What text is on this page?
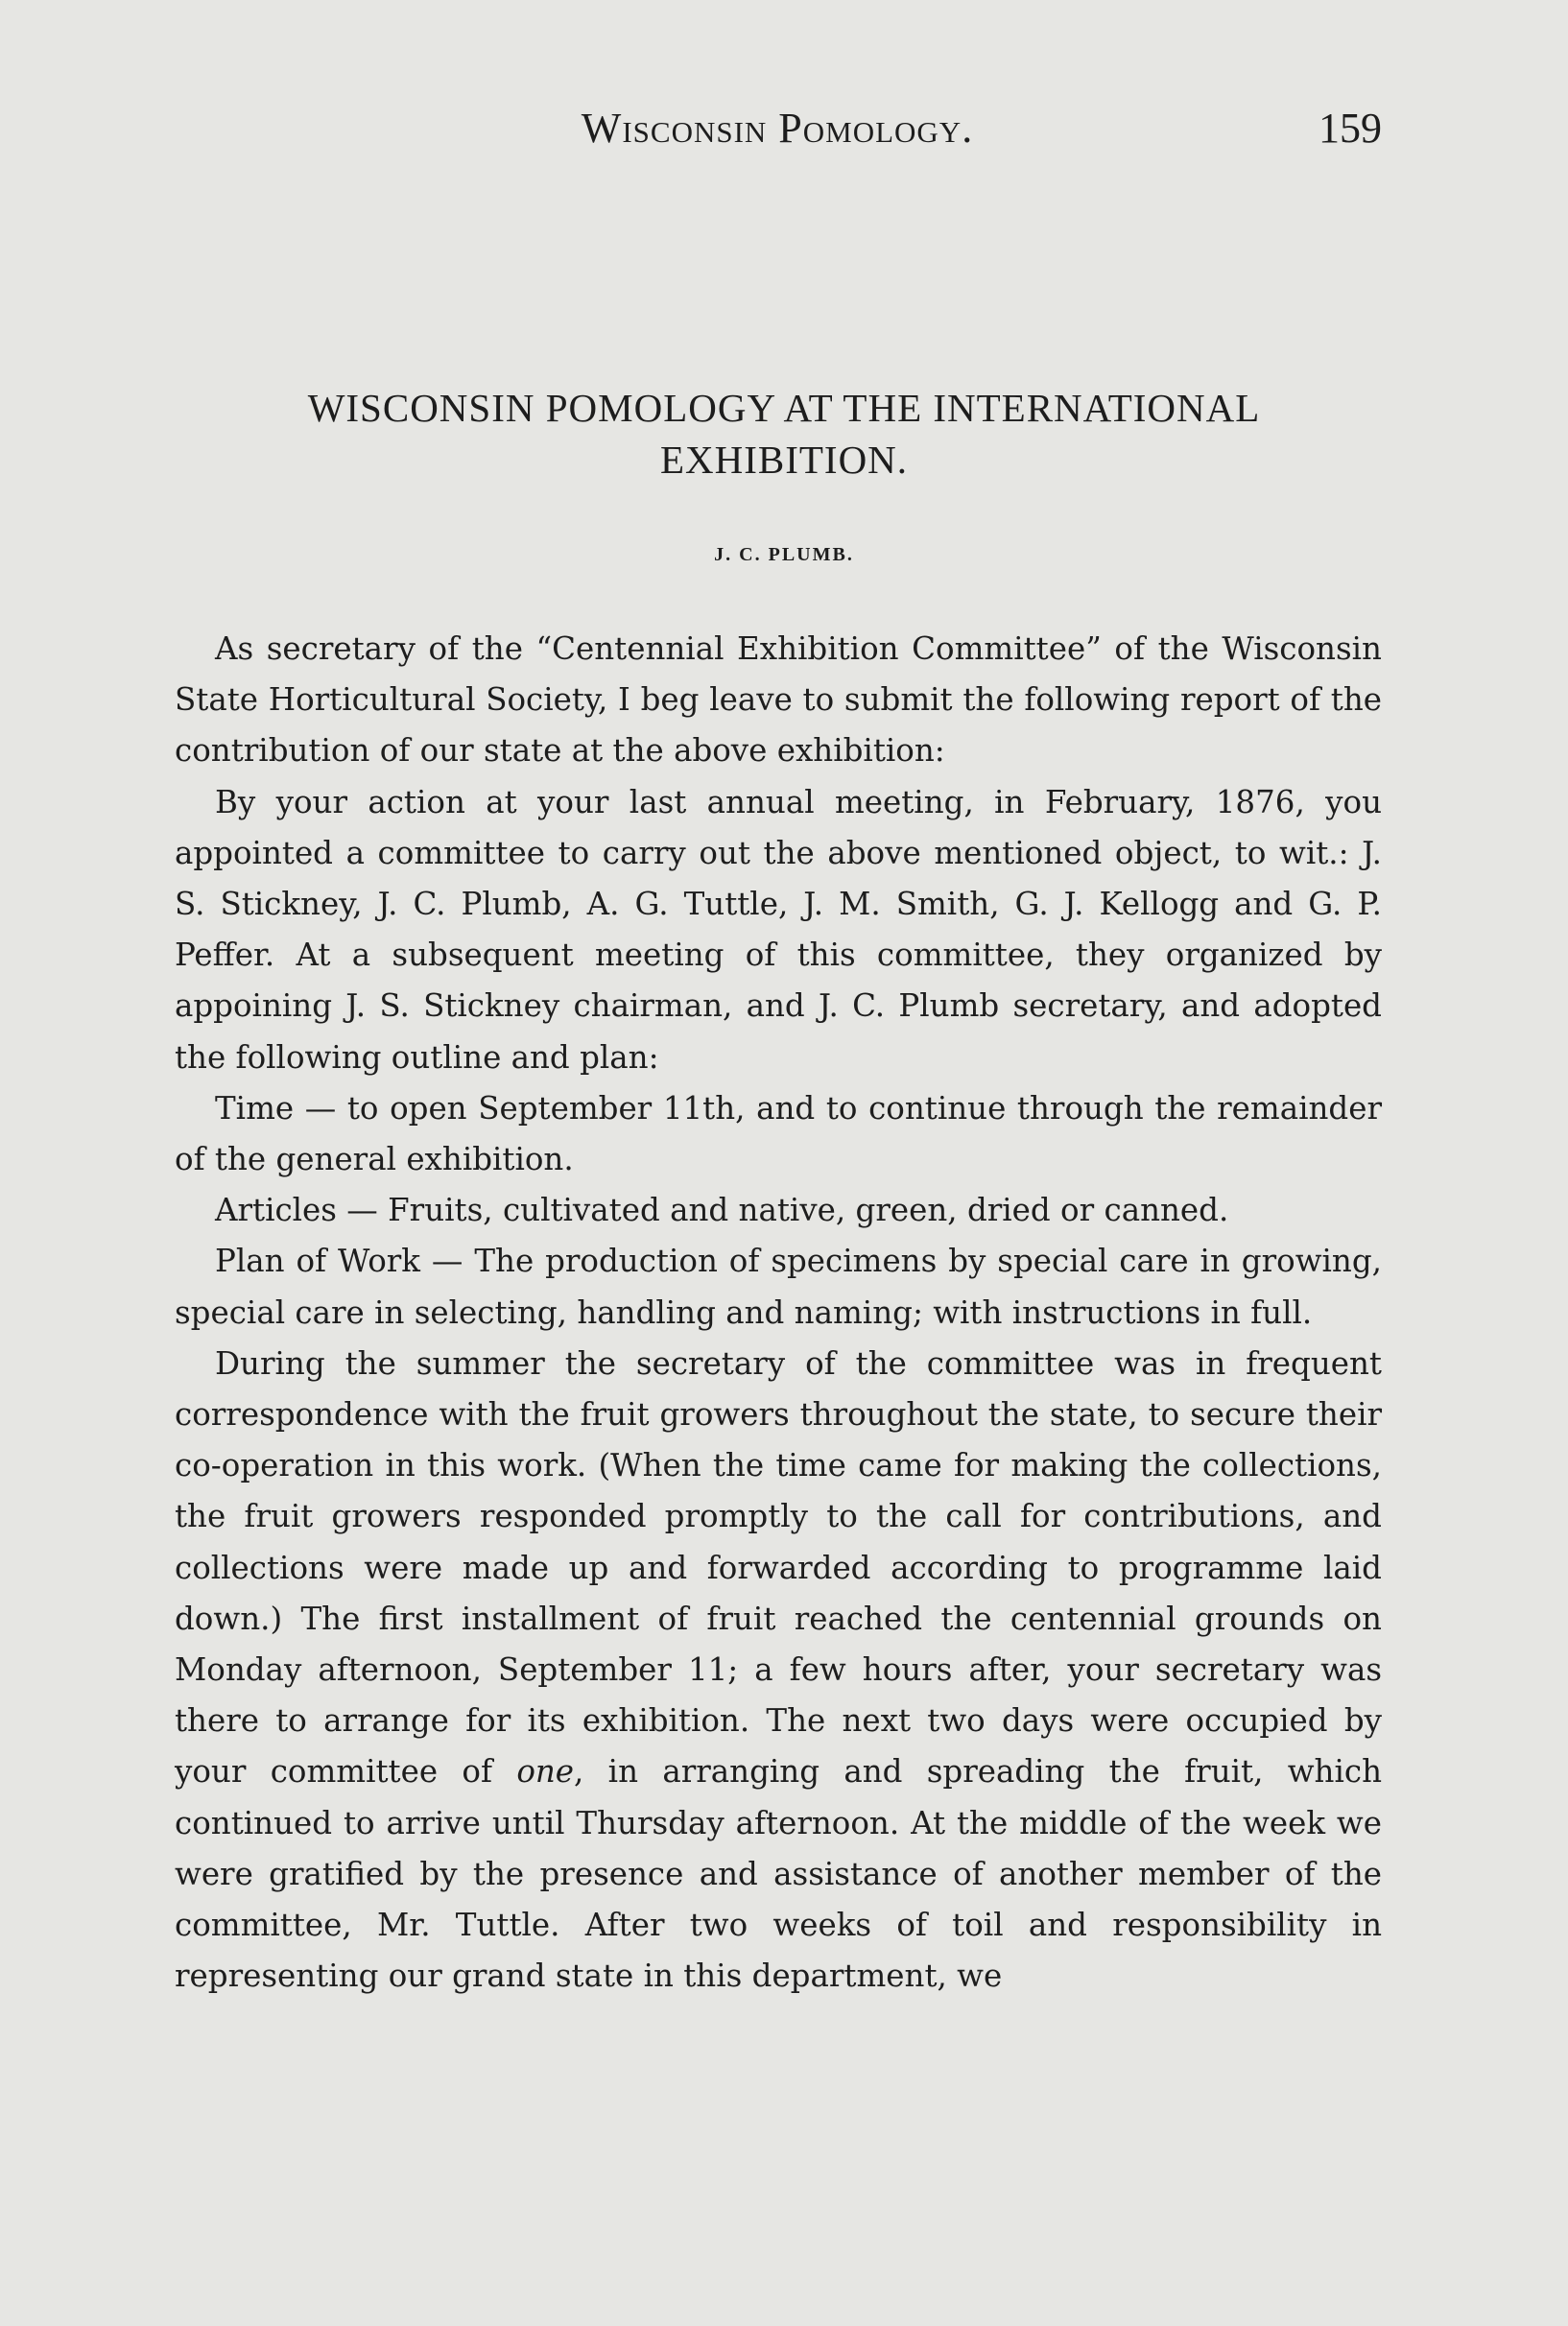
Wisconsin Pomology.	159
WISCONSIN POMOLOGY AT THE INTERNATIONAL
EXHIBITION.
J. C. PLUMB.

As secretary of the “Centennial Exhibition Committee” of the Wisconsin State Horticultural Society, I beg leave to submit the following report of the contribution of our state at the above exhibition:

By your action at your last annual meeting, in February, 1876, you appointed a committee to carry out the above mentioned object, to wit.: J. S. Stickney, J. C. Plumb, A. G. Tuttle, J. M. Smith, G. J. Kellogg and G. P. Peffer. At a subsequent meeting of this committee, they organized by appoining J. S. Stickney chairman, and J. C. Plumb secretary, and adopted the following outline and plan:

Time — to open September 11th, and to continue through the remainder of the general exhibition.

Articles — Fruits, cultivated and native, green, dried or canned.

Plan of Work — The production of specimens by special care in growing, special care in selecting, handling and naming; with instructions in full.

During the summer the secretary of the committee was in frequent correspondence with the fruit growers throughout the state, to secure their co-operation in this work. (When the time came for making the collections, the fruit growers responded promptly to the call for contributions, and collections were made up and forwarded according to programme laid down.) The first installment of fruit reached the centennial grounds on Monday afternoon, September 11; a few hours after, your secretary was there to arrange for its exhibition. The next two days were occupied by your committee of one, in arranging and spreading the fruit, which continued to arrive until Thursday afternoon. At the middle of the week we were gratified by the presence and assistance of another member of the committee, Mr. Tuttle. After two weeks of toil and responsibility in representing our grand state in this department, we
